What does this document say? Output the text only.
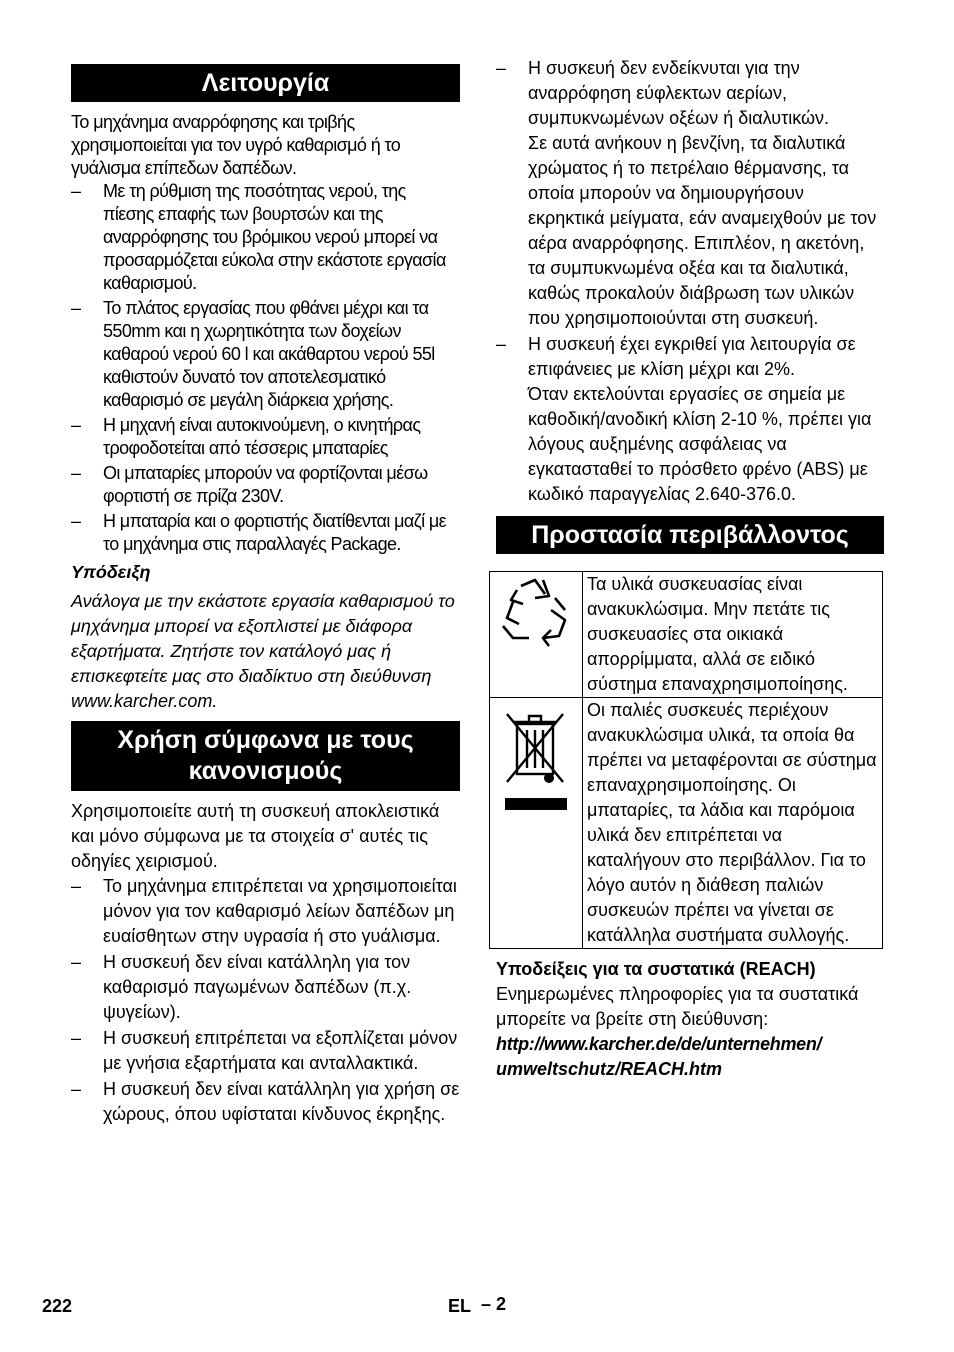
Λειτουργία
Το μηχάνημα αναρρόφησης και τριβής χρησιμοποιείται για τον υγρό καθαρισμό ή το γυάλισμα επίπεδων δαπέδων.
– Με τη ρύθμιση της ποσότητας νερού, της πίεσης επαφής των βουρτσών και της αναρρόφησης του βρόμικου νερού μπορεί να προσαρμόζεται εύκολα στην εκάστοτε εργασία καθαρισμού.
– Το πλάτος εργασίας που φθάνει μέχρι και τα 550mm και η χωρητικότητα των δοχείων καθαρού νερού 60 l και ακάθαρτου νερού 55l καθιστούν δυνατό τον αποτελεσματικό καθαρισμό σε μεγάλη διάρκεια χρήσης.
– Η μηχανή είναι αυτοκινούμενη, ο κινητήρας τροφοδοτείται από τέσσερις μπαταρίες
– Οι μπαταρίες μπορούν να φορτίζονται μέσω φορτιστή σε πρίζα 230V.
– Η μπαταρία και ο φορτιστής διατίθενται μαζί με το μηχάνημα στις παραλλαγές Package.
Υπόδειξη
Ανάλογα με την εκάστοτε εργασία καθαρισμού το μηχάνημα μπορεί να εξοπλιστεί με διάφορα εξαρτήματα. Ζητήστε τον κατάλογό μας ή επισκεφτείτε μας στο διαδίκτυο στη διεύθυνση www.karcher.com.
Χρήση σύμφωνα με τους
κανονισμούς
Χρησιμοποιείτε αυτή τη συσκευή αποκλειστικά και μόνο σύμφωνα με τα στοιχεία σ' αυτές τις οδηγίες χειρισμού.
– Το μηχάνημα επιτρέπεται να χρησιμοποιείται μόνον για τον καθαρισμό λείων δαπέδων μη ευαίσθητων στην υγρασία ή στο γυάλισμα.
– Η συσκευή δεν είναι κατάλληλη για τον καθαρισμό παγωμένων δαπέδων (π.χ. ψυγείων).
– Η συσκευή επιτρέπεται να εξοπλίζεται μόνον με γνήσια εξαρτήματα και ανταλλακτικά.
– Η συσκευή δεν είναι κατάλληλη για χρήση σε χώρους, όπου υφίσταται κίνδυνος έκρηξης.
– Η συσκευή δεν ενδείκνυται για την αναρρόφηση εύφλεκτων αερίων, συμπυκνωμένων οξέων ή διαλυτικών.
Σε αυτά ανήκουν η βενζίνη, τα διαλυτικά χρώματος ή το πετρέλαιο θέρμανσης, τα οποία μπορούν να δημιουργήσουν εκρηκτικά μείγματα, εάν αναμειχθούν με τον αέρα αναρρόφησης. Επιπλέον, η ακετόνη, τα συμπυκνωμένα οξέα και τα διαλυτικά, καθώς προκαλούν διάβρωση των υλικών που χρησιμοποιούνται στη συσκευή.
– Η συσκευή έχει εγκριθεί για λειτουργία σε επιφάνειες με κλίση μέχρι και 2%.
Όταν εκτελούνται εργασίες σε σημεία με καθοδική/ανοδική κλίση 2-10 %, πρέπει για λόγους αυξημένης ασφάλειας να εγκατασταθεί το πρόσθετο φρένο (ABS) με κωδικό παραγγελίας 2.640-376.0.
Προστασία περιβάλλοντος
	Τα υλικά συσκευασίας είναι ανακυκλώσιμα. Μην πετάτε τις συσκευασίες στα οικιακά απορρίμματα, αλλά σε ειδικό σύστημα επαναχρησιμοποίησης.
	Οι παλιές συσκευές περιέχουν ανακυκλώσιμα υλικά, τα οποία θα πρέπει να μεταφέρονται σε σύστημα επαναχρησιμοποίησης. Οι μπαταρίες, τα λάδια και παρόμοια υλικά δεν επιτρέπεται να καταλήγουν στο περιβάλλον. Για το λόγο αυτόν η διάθεση παλιών συσκευών πρέπει να γίνεται σε κατάλληλα συστήματα συλλογής.
Υποδείξεις για τα συστατικά (REACH)
Ενημερωμένες πληροφορίες για τα συστατικά μπορείτε να βρείτε στη διεύθυνση:
http://www.karcher.de/de/unternehmen/
umweltschutz/REACH.htm
222	EL – 2
